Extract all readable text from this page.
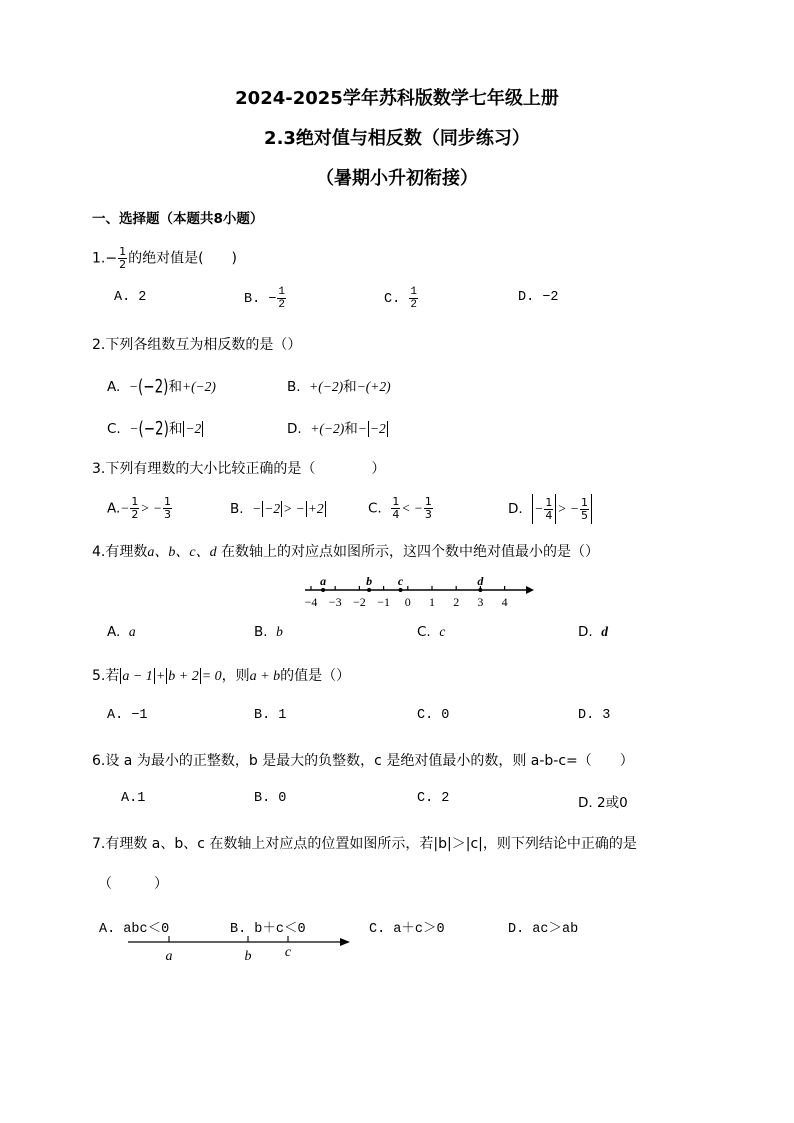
2024-2025学年苏科版数学七年级上册
2.3绝对值与相反数（同步练习）
（暑期小升初衔接）
一、选择题（本题共8小题）
$1.- \frac{1}{2}$ 的绝对值是(　　)
A. 2	B. − $\frac{1}{2}$	C. $\frac{1}{2}$	D. −2
2.下列各组数互为相反数的是（）
A. −(−2)和+(−2)	B. +(−2)和−(+2)
C. −(−2)和 −2	D. +(−2)和− −2
3.下列有理数的大小比较正确的是（　　　　）
$A.- \frac{1}{2}$ > − $\frac{1}{3}$	B. − −2 > − +2	C. $\frac{1}{4}$ < − $\frac{1}{3}$	D. − $\frac{1}{4}$ > − $\frac{1}{5}$
4.有理数a、b、c、d 在数轴上的对应点如图所示，这四个数中绝对值最小的是（）
−4 −3 −2 −1 0 1 2 3 4
a	b c	d
A. a	B. b	C. c	D. d
5.若 a − 1 + b + 2 = 0，则a + b的值是（）
A. −1	B. 1	C. 0	D. 3
6.设 a 为最小的正整数，b 是最大的负整数，c 是绝对值最小的数，则 a-b-c=（　　）
A.1	B. 0	C. 2	D. 2或0
7.有理数 a、b、c 在数轴上对应点的位置如图所示，若|b|＞|c|，则下列结论中正确的是
（　　　）
A. abc＜0	B. b＋c＜0	C. a＋c＞0	D. ac＞ab
a	b c
